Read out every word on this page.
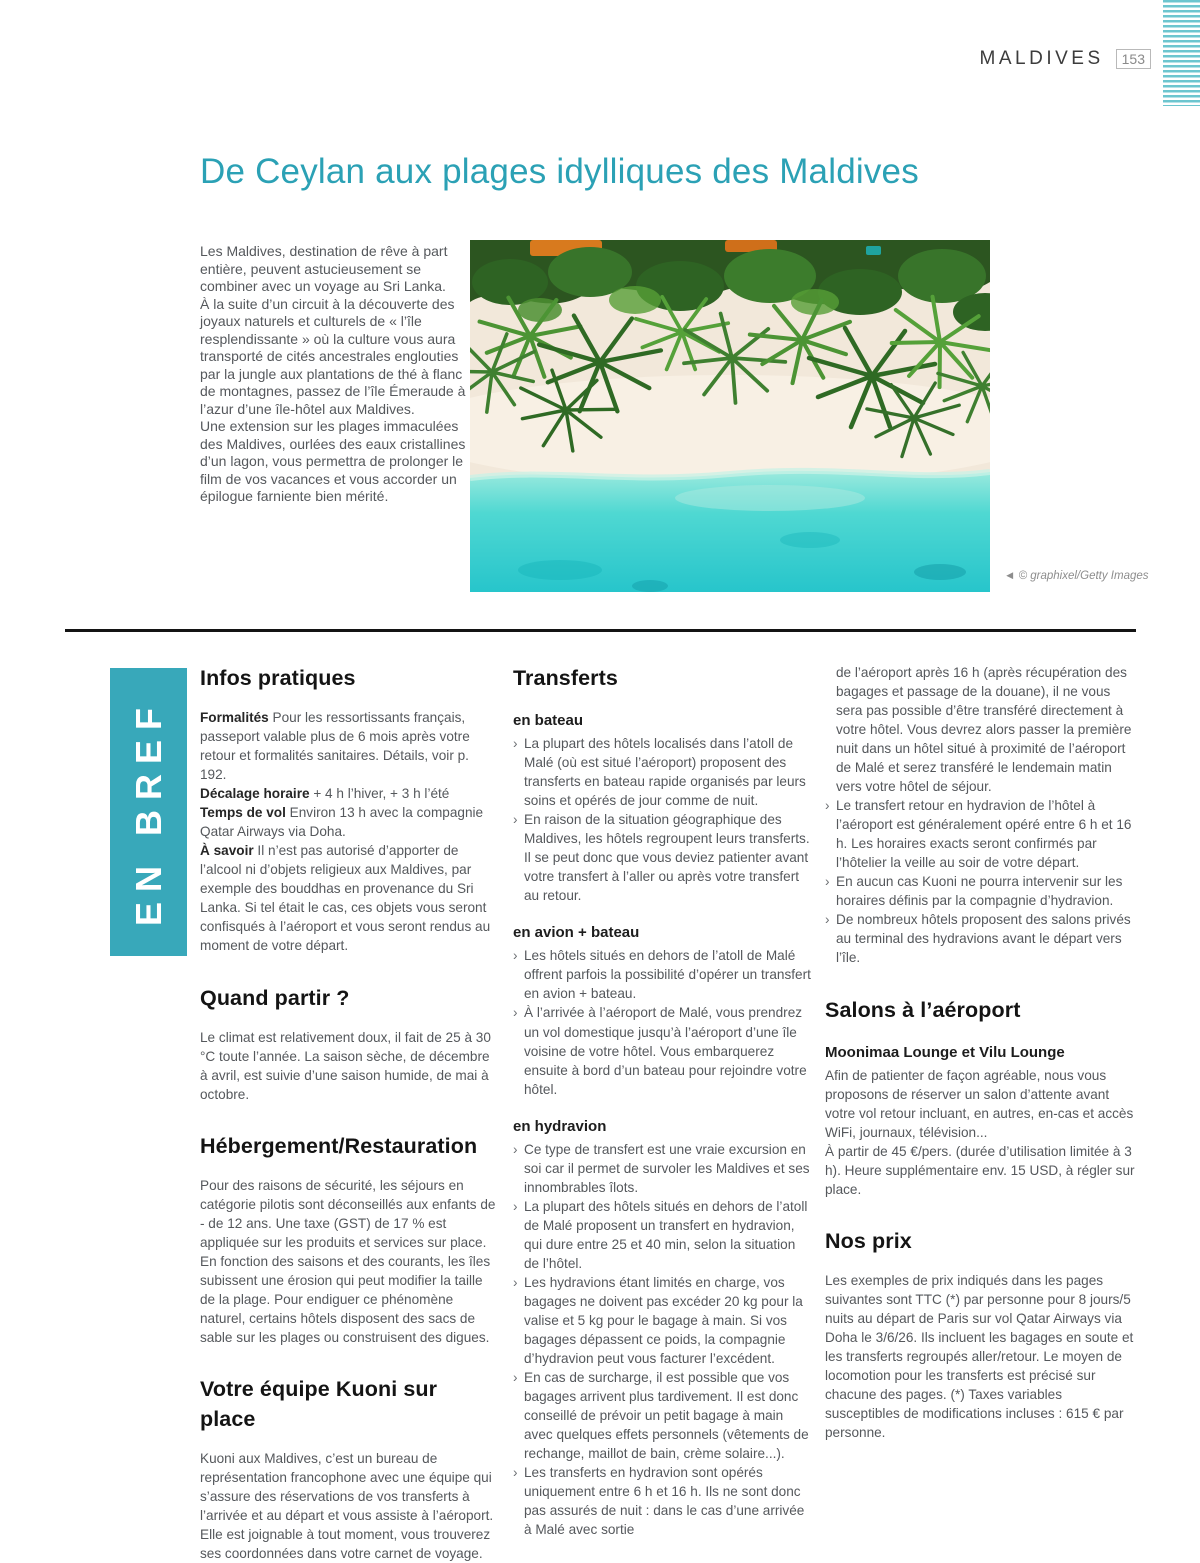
MALDIVES	153
De Ceylan aux plages idylliques des Maldives

Les Maldives, destination de rêve à part entière, peuvent astucieusement se combiner avec un voyage au Sri Lanka.

À la suite d’un circuit à la découverte des joyaux naturels et culturels de « l’île resplendissante » où la culture vous aura transporté de cités ancestrales englouties par la jungle aux plantations de thé à flanc de montagnes, passez de l’île Émeraude à l’azur d’une île-hôtel aux Maldives.

Une extension sur les plages immaculées des Maldives, ourlées des eaux cristallines d’un lagon, vous permettra de prolonger le film de vos vacances et vous accorder un épilogue farniente bien mérité.

◄ © graphixel/Getty Images
EN BREF
Infos pratiques

Formalités Pour les ressortissants français, passeport valable plus de 6 mois après votre retour et formalités sanitaires. Détails, voir p. 192.

Décalage horaire + 4 h l’hiver, + 3 h l’été

Temps de vol Environ 13 h avec la compagnie Qatar Airways via Doha.

À savoir Il n’est pas autorisé d’apporter de l’alcool ni d’objets religieux aux Maldives, par exemple des bouddhas en provenance du Sri Lanka. Si tel était le cas, ces objets vous seront confisqués à l’aéroport et vous seront rendus au moment de votre départ.

Quand partir ?

Le climat est relativement doux, il fait de 25 à 30 °C toute l’année. La saison sèche, de décembre à avril, est suivie d’une saison humide, de mai à octobre.

Hébergement/Restauration

Pour des raisons de sécurité, les séjours en catégorie pilotis sont déconseillés aux enfants de - de 12 ans. Une taxe (GST) de 17 % est appliquée sur les produits et services sur place.

En fonction des saisons et des courants, les îles subissent une érosion qui peut modifier la taille de la plage. Pour endiguer ce phénomène naturel, certains hôtels disposent des sacs de sable sur les plages ou construisent des digues.

Votre équipe Kuoni sur place

Kuoni aux Maldives, c’est un bureau de représentation francophone avec une équipe qui s’assure des réservations de vos transferts à l’arrivée et au départ et vous assiste à l’aéroport. Elle est joignable à tout moment, vous trouverez ses coordonnées dans votre carnet de voyage.

Transferts
en bateau
› La plupart des hôtels localisés dans l’atoll de Malé (où est situé l’aéroport) proposent des transferts en bateau rapide organisés par leurs soins et opérés de jour comme de nuit.
› En raison de la situation géographique des Maldives, les hôtels regroupent leurs transferts. Il se peut donc que vous deviez patienter avant votre transfert à l’aller ou après votre transfert au retour.
en avion + bateau
› Les hôtels situés en dehors de l’atoll de Malé offrent parfois la possibilité d’opérer un transfert en avion + bateau.
› À l’arrivée à l’aéroport de Malé, vous prendrez un vol domestique jusqu’à l’aéroport d’une île voisine de votre hôtel. Vous embarquerez ensuite à bord d’un bateau pour rejoindre votre hôtel.
en hydravion
› Ce type de transfert est une vraie excursion en soi car il permet de survoler les Maldives et ses innombrables îlots.
› La plupart des hôtels situés en dehors de l’atoll de Malé proposent un transfert en hydravion, qui dure entre 25 et 40 min, selon la situation de l’hôtel.
› Les hydravions étant limités en charge, vos bagages ne doivent pas excéder 20 kg pour la valise et 5 kg pour le bagage à main. Si vos bagages dépassent ce poids, la compagnie d’hydravion peut vous facturer l’excédent.
› En cas de surcharge, il est possible que vos bagages arrivent plus tardivement. Il est donc conseillé de prévoir un petit bagage à main avec quelques effets personnels (vêtements de rechange, maillot de bain, crème solaire...).
› Les transferts en hydravion sont opérés uniquement entre 6 h et 16 h. Ils ne sont donc pas assurés de nuit : dans le cas d’une arrivée à Malé avec sortie

de l’aéroport après 16 h (après récupération des bagages et passage de la douane), il ne vous sera pas possible d’être transféré directement à votre hôtel. Vous devrez alors passer la première nuit dans un hôtel situé à proximité de l’aéroport de Malé et serez transféré le lendemain matin vers votre hôtel de séjour.

› Le transfert retour en hydravion de l’hôtel à l’aéroport est généralement opéré entre 6 h et 16 h. Les horaires exacts seront confirmés par l’hôtelier la veille au soir de votre départ.
› En aucun cas Kuoni ne pourra intervenir sur les horaires définis par la compagnie d’hydravion.
› De nombreux hôtels proposent des salons privés au terminal des hydravions avant le départ vers l’île.
Salons à l’aéroport
Moonimaa Lounge et Vilu Lounge

Afin de patienter de façon agréable, nous vous proposons de réserver un salon d’attente avant votre vol retour incluant, en autres, en-cas et accès WiFi, journaux, télévision...

À partir de 45 €/pers. (durée d’utilisation limitée à 3 h). Heure supplémentaire env. 15 USD, à régler sur place.

Nos prix

Les exemples de prix indiqués dans les pages suivantes sont TTC (*) par personne pour 8 jours/5 nuits au départ de Paris sur vol Qatar Airways via Doha le 3/6/26. Ils incluent les bagages en soute et les transferts regroupés aller/retour. Le moyen de locomotion pour les transferts est précisé sur chacune des pages. (*) Taxes variables susceptibles de modifications incluses : 615 € par personne.
